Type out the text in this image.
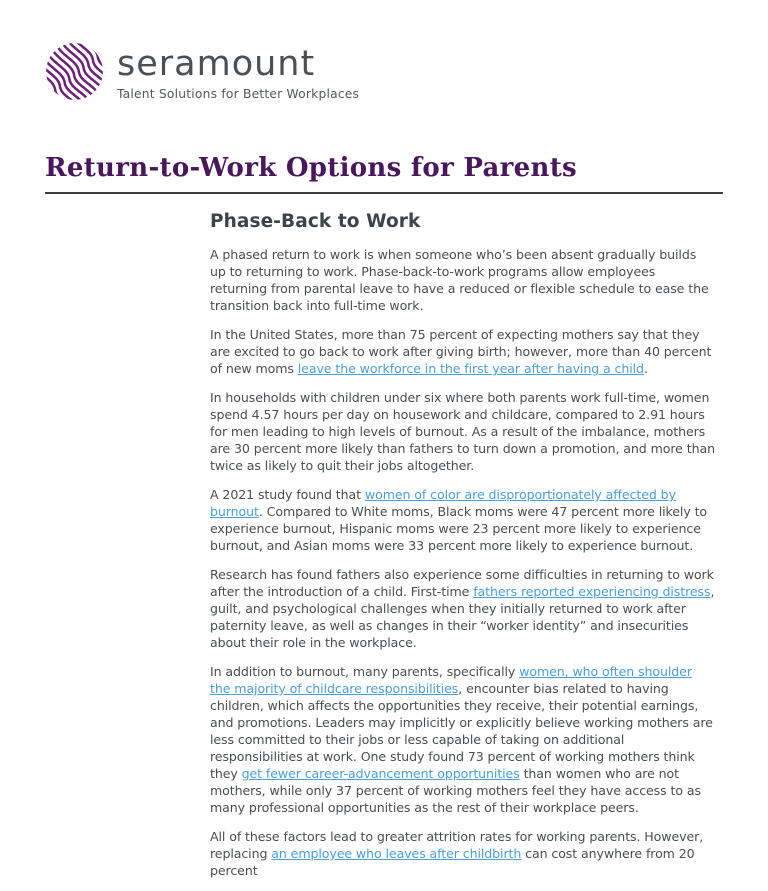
seramount
Talent Solutions for Better Workplaces
Return-to-Work Options for Parents
Phase-Back to Work

A phased return to work is when someone who’s been absent gradually builds up to returning to work. Phase-back-to-work programs allow employees returning from parental leave to have a reduced or flexible schedule to ease the transition back into full-time work.

In the United States, more than 75 percent of expecting mothers say that they are excited to go back to work after giving birth; however, more than 40 percent of new moms leave the workforce in the first year after having a child.

In households with children under six where both parents work full-time, women spend 4.57 hours per day on housework and childcare, compared to 2.91 hours for men leading to high levels of burnout. As a result of the imbalance, mothers are 30 percent more likely than fathers to turn down a promotion, and more than twice as likely to quit their jobs altogether.

A 2021 study found that women of color are disproportionately affected by burnout. Compared to White moms, Black moms were 47 percent more likely to experience burnout, Hispanic moms were 23 percent more likely to experience burnout, and Asian moms were 33 percent more likely to experience burnout.

Research has found fathers also experience some difficulties in returning to work after the introduction of a child. First-time fathers reported experiencing distress, guilt, and psychological challenges when they initially returned to work after paternity leave, as well as changes in their “worker identity” and insecurities about their role in the workplace.

In addition to burnout, many parents, specifically women, who often shoulder the majority of childcare responsibilities, encounter bias related to having children, which affects the opportunities they receive, their potential earnings, and promotions. Leaders may implicitly or explicitly believe working mothers are less committed to their jobs or less capable of taking on additional responsibilities at work. One study found 73 percent of working mothers think they get fewer career-advancement opportunities than women who are not mothers, while only 37 percent of working mothers feel they have access to as many professional opportunities as the rest of their workplace peers.

All of these factors lead to greater attrition rates for working parents. However, replacing an employee who leaves after childbirth can cost anywhere from 20 percent
